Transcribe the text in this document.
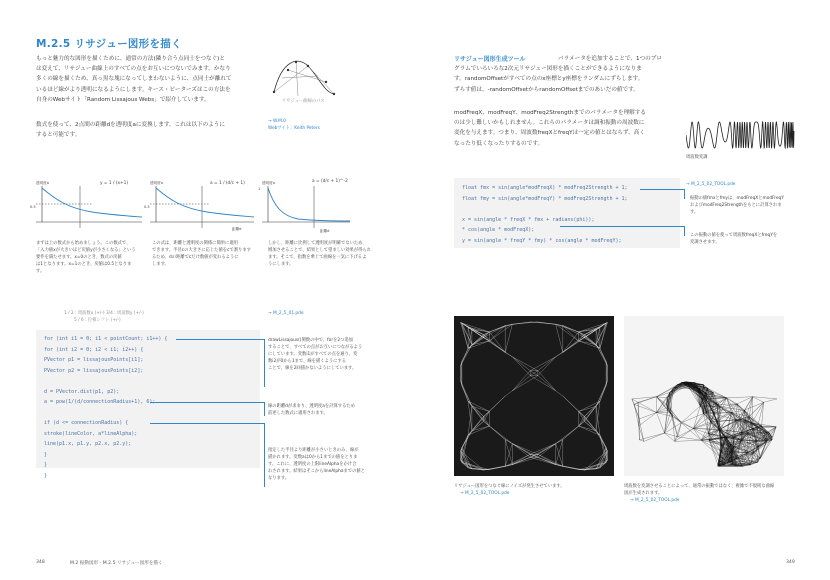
M.2.5 リサジュー図形を描く
もっと魅力的な図形を描くために、通常の方法(隣り合う点同士をつなぐ)と
は変えて、リサジュー曲線上のすべての点をお互いにつないでみます。かなり
多くの線を描くため、真っ黒な塊になってしまわないように、点同士が離れて
いるほど線がより透明になるようにします。キース・ピーターズはこの方法を
自身のWebサイト「Random Lissajous Webs」で紹介しています。	リサジュー曲線のパス
→ W.M.0
Webサイト：Keith Peters
数式を使って、2点間の距離dを透明度aに変換します。これは以下のように
すると可能です。
透明度a	y = 1 / (x+1)
0.5
透明度a	a = 1 / (d/c + 1)
0.5
距離d
透明度a	a = (d/c + 1)^-2
1
距離d
まずは上の数式から始めましょう。この数式で、
「入力値xが大きいほど戻値yが小さくなる」という
要件を満たせます。x=0のとき、数式の戻値
は1となります。x=1のとき、戻値は0.5となりま
す。
この式は、距離と透明度の関係に簡単に適用
できます。半径cの大きさに応じた値をcで割ります
るため、dの距離でcだけ数値が変わるように
します。
しかし、距離に比例して透明度が明確でないため、
増加させることで、結果として望ましい効果が得られ
ます。そこで、指数を乗じて曲線を一気に下げるよ
うにします。
1 / 2 : 周波数x (+/-) 3/4 : 周波数y (+/-)
5 / 6 : 位相シフト (+/-)
→ M_2_5_01.pde
for (int i1 = 0; i1 < pointCount; i1++) {
for (int i2 = 0; i2 < i1; i2++) {
PVector p1 = lissajousPoints[i1];
PVector p2 = lissajousPoints[i2];
d = PVector.dist(p1, p2);
a = pow(1/(d/connectionRadius+1), 6);
if (d <= connectionRadius) {
stroke(lineColor, a*lineAlpha);
line(p1.x, p1.y, p2.x, p2.y);
}
}
}
drawLissajous()関数の中で、forを2つ追加
することで、すべての点がお互いにつながるよう
にしています。変数i1がすべての点を通り、変
数i2が0から1まで、線を描くようにする
ことで、線を2回描かないようにしています。
線の距離dが求まり、透明度aを計算するため
前述した数式に適用されます。
指定した半径より距離が小さいときのみ、線が
描かれます。変数aは0から1までの値をとりま
す。これに、透明度の上限lineAlphaをかけ合
わされます。結果はそこからlineAlphaまでの値と
なります。
348	M.2 振動図形 - M.2.5 リサジュー図形を描く
リサジュー図形生成ツール	パラメータを追加することで、1つのプロ
グラムでいろいろな2次元リサジュー図形を描くことができるようになりま
す。randomOffsetがすべての点のx座標とy座標をランダムにずらします。
ずらす値は、-randomOffsetからrandomOffsetまでのあいだの値です。
modFreqX、modFreqY、modFreq2Strengthまでのパラメータを理解する
のは少し難しいかもしれません。これらのパラメータは調和振動の周波数に
変化を与えます。つまり、周波数freqXとfreqYは一定の値とはならず、高く
なったり低くなったりするのです。
周波数変調
float fmx = sin(angle*modFreqX) * modFreq2Strength + 1;
float fmy = sin(angle*modFreqY) * modFreq2Strength + 1;
x = sin(angle * freqX * fmx + radians(phi));
* cos(angle * modFreqX);
y = sin(angle * freqY * fmy) * cos(angle * modFreqY);
→ M_2_5_02_TOOL.pde
振動の値fmxとfmyは、modFreqXとmodFreqY
およびmodFreq2Strengthをもとに計算されま
す。
この振動の値を使って周波数freqXとfreqYを
変調させます。
リサジュー図形をつなぐ線にノイズが発生させています。
→ M_2_5_02_TOOL.pde
周波数を変調させることによって、通常の振動ではなく、複雑で不規則な曲線
図が生成されます。
→ M_2_5_02_TOOL.pde
349
